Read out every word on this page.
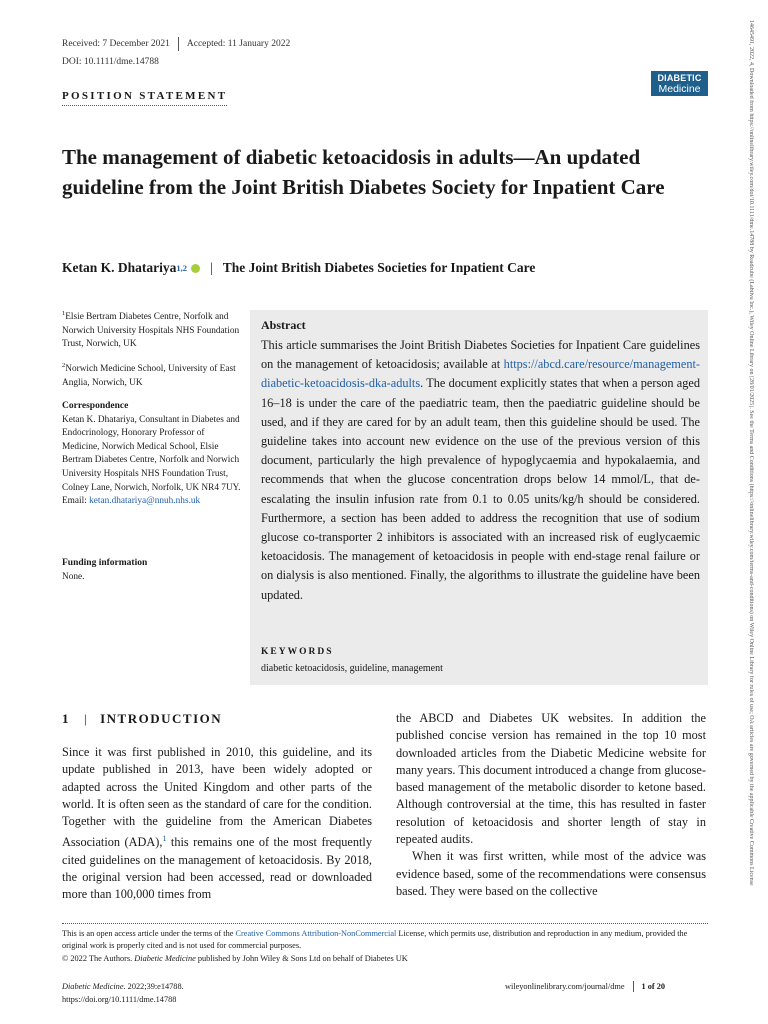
Received: 7 December 2021 Accepted: 11 January 2022
DOI: 10.1111/dme.14788
POSITION STATEMENT
DIABETIC
Medicine
The management of diabetic ketoacidosis in adults—An updated guideline from the Joint British Diabetes Society for Inpatient Care
Ketan K. Dhatariya 1,2 | The Joint British Diabetes Societies for Inpatient Care

$^1$Elsie Bertram Diabetes Centre, Norfolk and Norwich University Hospitals NHS Foundation Trust, Norwich, UK

$^2$Norwich Medicine School, University of East Anglia, Norwich, UK

Correspondence
Ketan K. Dhatariya, Consultant in Diabetes and Endocrinology, Honorary Professor of Medicine, Norwich Medical School, Elsie Bertram Diabetes Centre, Norfolk and Norwich University Hospitals NHS Foundation Trust, Colney Lane, Norwich, Norfolk, UK NR4 7UY.
Email: ketan.dhatariya@nnuh.nhs.uk
Funding information
None.
Abstract

This article summarises the Joint British Diabetes Societies for Inpatient Care guidelines on the management of ketoacidosis; available at https://abcd.care/resource/management-diabetic-ketoacidosis-dka-adults. The document explicitly states that when a person aged 16–18 is under the care of the paediatric team, then the paediatric guideline should be used, and if they are cared for by an adult team, then this guideline should be used. The guideline takes into account new evidence on the use of the previous version of this document, particularly the high prevalence of hypoglycaemia and hypokalaemia, and recommends that when the glucose concentration drops below 14 mmol/L, that de-escalating the insulin infusion rate from 0.1 to 0.05 units/kg/h should be considered. Furthermore, a section has been added to address the recognition that use of sodium glucose co-transporter 2 inhibitors is associated with an increased risk of euglycaemic ketoacidosis. The management of ketoacidosis in people with end-stage renal failure or on dialysis is also mentioned. Finally, the algorithms to illustrate the guideline have been updated.

KEYWORDS
diabetic ketoacidosis, guideline, management
1 | INTRODUCTION

Since it was first published in 2010, this guideline, and its update published in 2013, have been widely adopted or adapted across the United Kingdom and other parts of the world. It is often seen as the standard of care for the condition. Together with the guideline from the American Diabetes Association (ADA),$^1$ this remains one of the most frequently cited guidelines on the management of ketoacidosis. By 2018, the original version had been accessed, read or downloaded more than 100,000 times from

the ABCD and Diabetes UK websites. In addition the published concise version has remained in the top 10 most downloaded articles from the Diabetic Medicine website for many years. This document introduced a change from glucose-based management of the metabolic disorder to ketone based. Although controversial at the time, this has resulted in faster resolution of ketoacidosis and shorter length of stay in repeated audits.

When it was first written, while most of the advice was evidence based, some of the recommendations were consensus based. They were based on the collective

This is an open access article under the terms of the Creative Commons Attribution-NonCommercial License, which permits use, distribution and reproduction in any medium, provided the original work is properly cited and is not used for commercial purposes.
© 2022 The Authors. Diabetic Medicine published by John Wiley & Sons Ltd on behalf of Diabetes UK
Diabetic Medicine. 2022;39:e14788.
https://doi.org/10.1111/dme.14788
wileyonlinelibrary.com/journal/dme 1 of 20
14645491, 2022, 4, Downloaded from https://onlinelibrary.wiley.com/doi/10.1111/dme.14788 by Readcube (Labtiva Inc.), Wiley Online Library on [28/01/2025]. See the Terms and Conditions (https://onlinelibrary.wiley.com/terms-and-conditions) on Wiley Online Library for rules of use; OA articles are governed by the applicable Creative Commons License
